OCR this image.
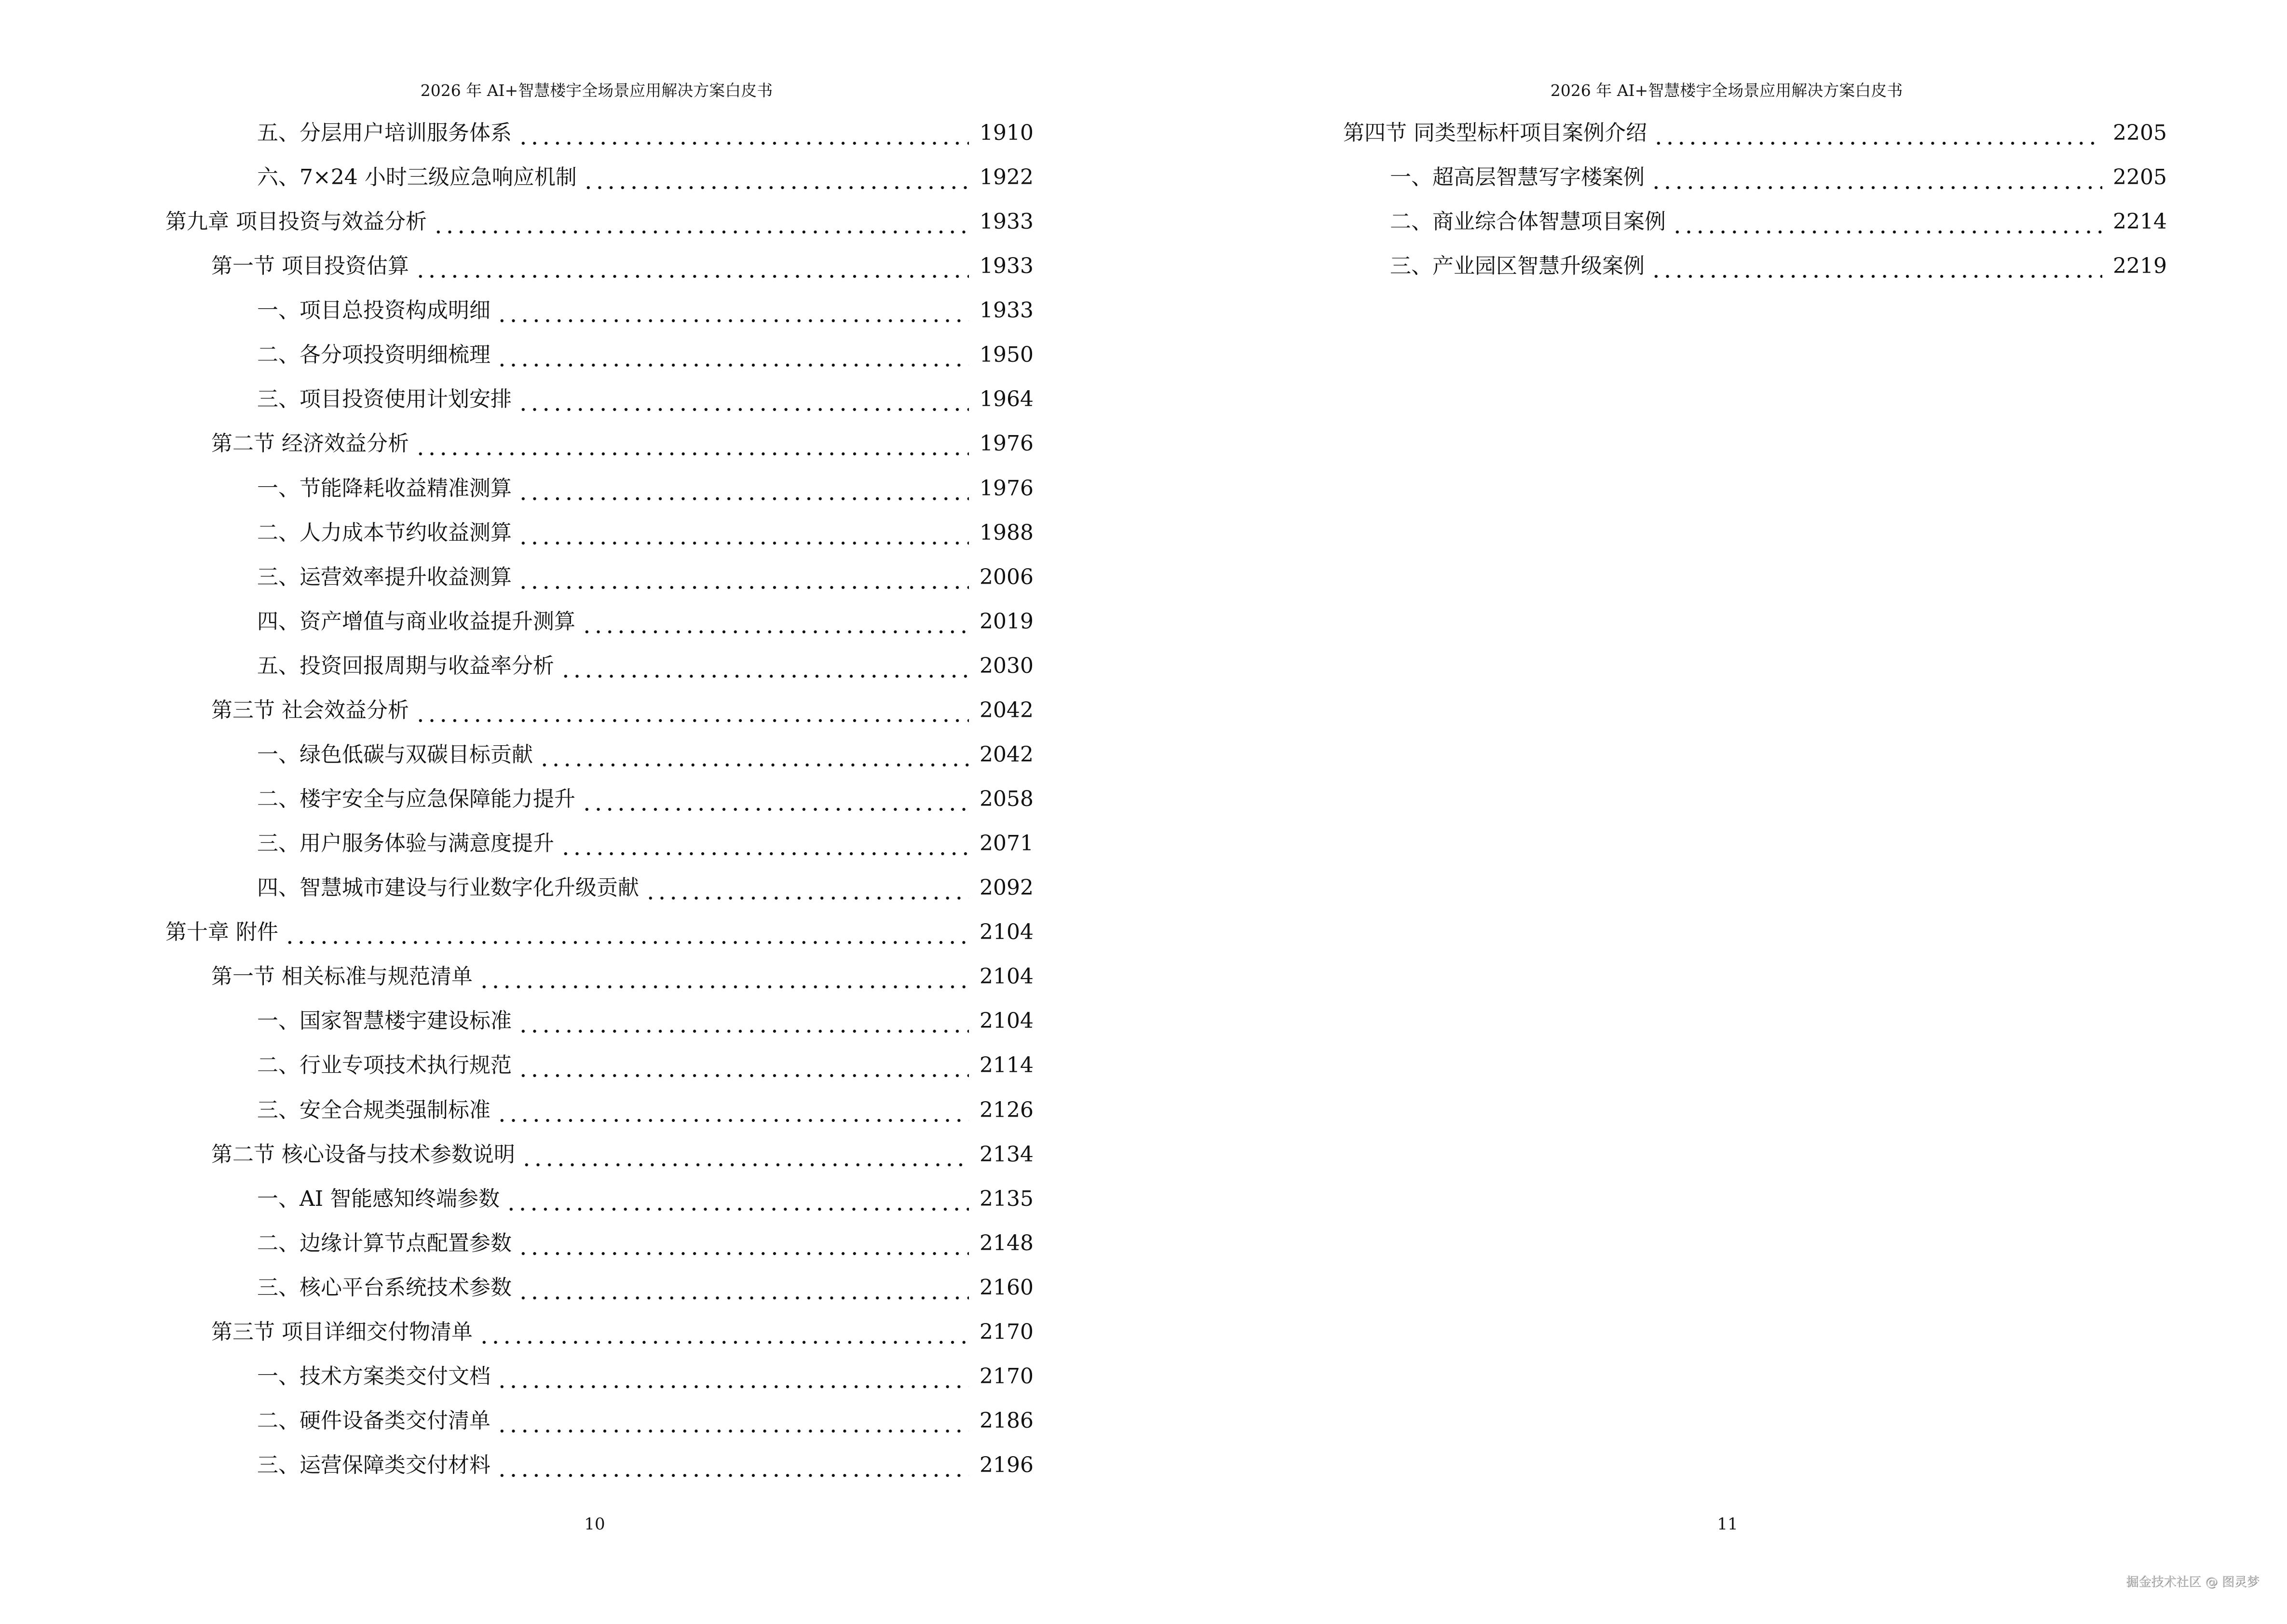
2026 年 AI+智慧楼宇全场景应用解决方案白皮书
五、分层用户培训服务体系	1910
六、7×24 小时三级应急响应机制	1922
第九章 项目投资与效益分析	1933
第一节 项目投资估算	1933
一、项目总投资构成明细	1933
二、各分项投资明细梳理	1950
三、项目投资使用计划安排	1964
第二节 经济效益分析	1976
一、节能降耗收益精准测算	1976
二、人力成本节约收益测算	1988
三、运营效率提升收益测算	2006
四、资产增值与商业收益提升测算	2019
五、投资回报周期与收益率分析	2030
第三节 社会效益分析	2042
一、绿色低碳与双碳目标贡献	2042
二、楼宇安全与应急保障能力提升	2058
三、用户服务体验与满意度提升	2071
四、智慧城市建设与行业数字化升级贡献	2092
第十章 附件	2104
第一节 相关标准与规范清单	2104
一、国家智慧楼宇建设标准	2104
二、行业专项技术执行规范	2114
三、安全合规类强制标准	2126
第二节 核心设备与技术参数说明	2134
一、AI 智能感知终端参数	2135
二、边缘计算节点配置参数	2148
三、核心平台系统技术参数	2160
第三节 项目详细交付物清单	2170
一、技术方案类交付文档	2170
二、硬件设备类交付清单	2186
三、运营保障类交付材料	2196
10
2026 年 AI+智慧楼宇全场景应用解决方案白皮书
第四节 同类型标杆项目案例介绍	2205
一、超高层智慧写字楼案例	2205
二、商业综合体智慧项目案例	2214
三、产业园区智慧升级案例	2219
11
掘金技术社区 @ 图灵梦
